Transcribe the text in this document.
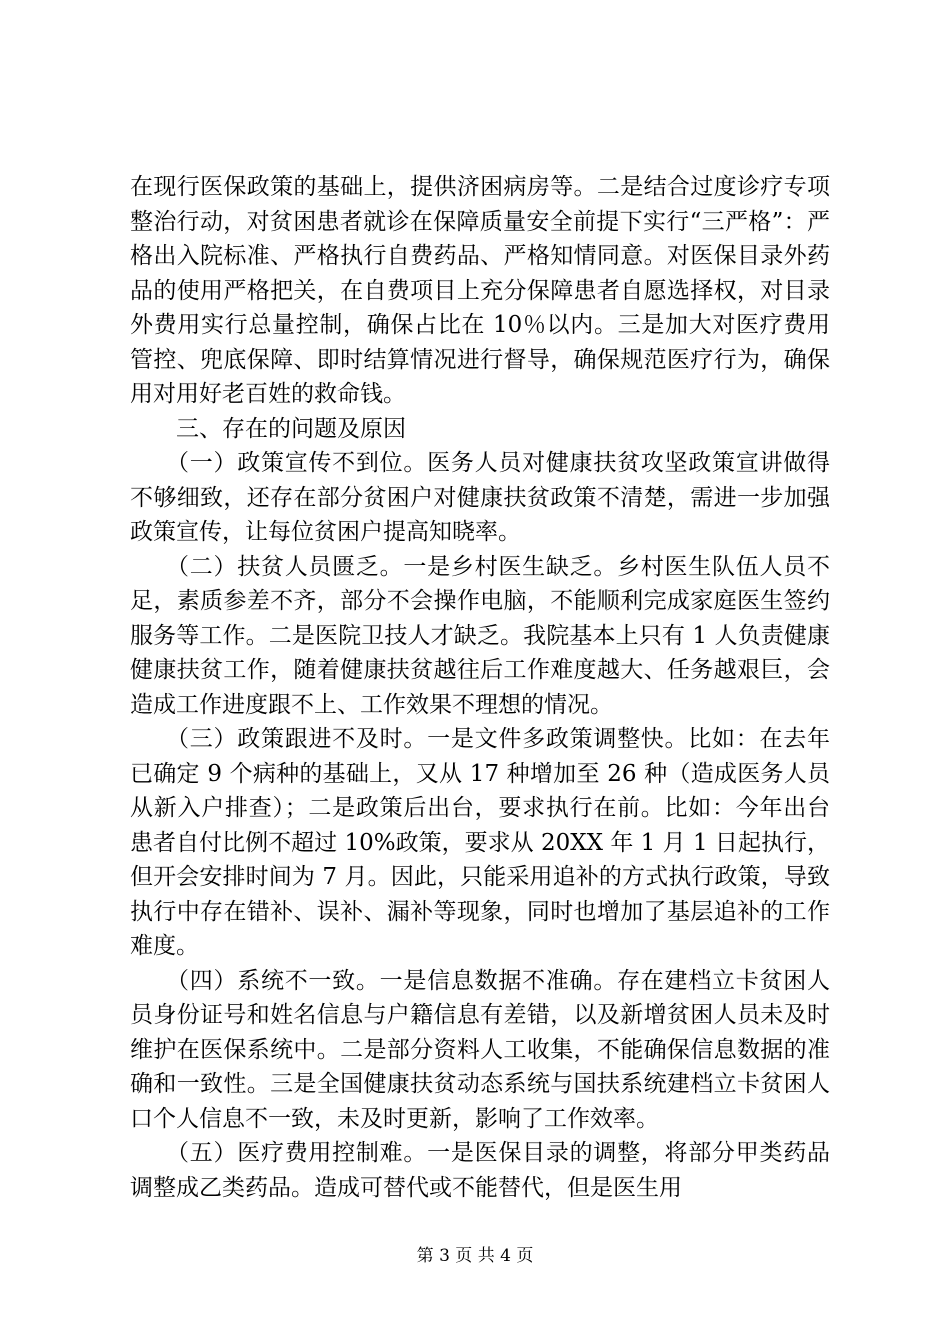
在现行医保政策的基础上，提供济困病房等。二是结合过度诊疗专项整治行动，对贫困患者就诊在保障质量安全前提下实行“三严格”：严格出入院标准、严格执行自费药品、严格知情同意。对医保目录外药品的使用严格把关，在自费项目上充分保障患者自愿选择权，对目录外费用实行总量控制，确保占比在 10％以内。三是加大对医疗费用管控、兜底保障、即时结算情况进行督导，确保规范医疗行为，确保用对用好老百姓的救命钱。

三、存在的问题及原因

　　（一）政策宣传不到位。医务人员对健康扶贫攻坚政策宣讲做得不够细致，还存在部分贫困户对健康扶贫政策不清楚，需进一步加强政策宣传，让每位贫困户提高知晓率。

　　（二）扶贫人员匮乏。一是乡村医生缺乏。乡村医生队伍人员不足，素质参差不齐，部分不会操作电脑，不能顺利完成家庭医生签约服务等工作。二是医院卫技人才缺乏。我院基本上只有 1 人负责健康健康扶贫工作，随着健康扶贫越往后工作难度越大、任务越艰巨，会造成工作进度跟不上、工作效果不理想的情况。

　　（三）政策跟进不及时。一是文件多政策调整快。比如：在去年已确定 9 个病种的基础上，又从 17 种增加至 26 种（造成医务人员从新入户排查）；二是政策后出台，要求执行在前。比如：今年出台患者自付比例不超过 10%政策，要求从 20XX 年 1 月 1 日起执行，但开会安排时间为 7 月。因此，只能采用追补的方式执行政策，导致执行中存在错补、误补、漏补等现象，同时也增加了基层追补的工作难度。

　　（四）系统不一致。一是信息数据不准确。存在建档立卡贫困人员身份证号和姓名信息与户籍信息有差错，以及新增贫困人员未及时维护在医保系统中。二是部分资料人工收集，不能确保信息数据的准确和一致性。三是全国健康扶贫动态系统与国扶系统建档立卡贫困人口个人信息不一致，未及时更新，影响了工作效率。

　　（五）医疗费用控制难。一是医保目录的调整，将部分甲类药品调整成乙类药品。造成可替代或不能替代，但是医生用

第 3 页 共 4 页
